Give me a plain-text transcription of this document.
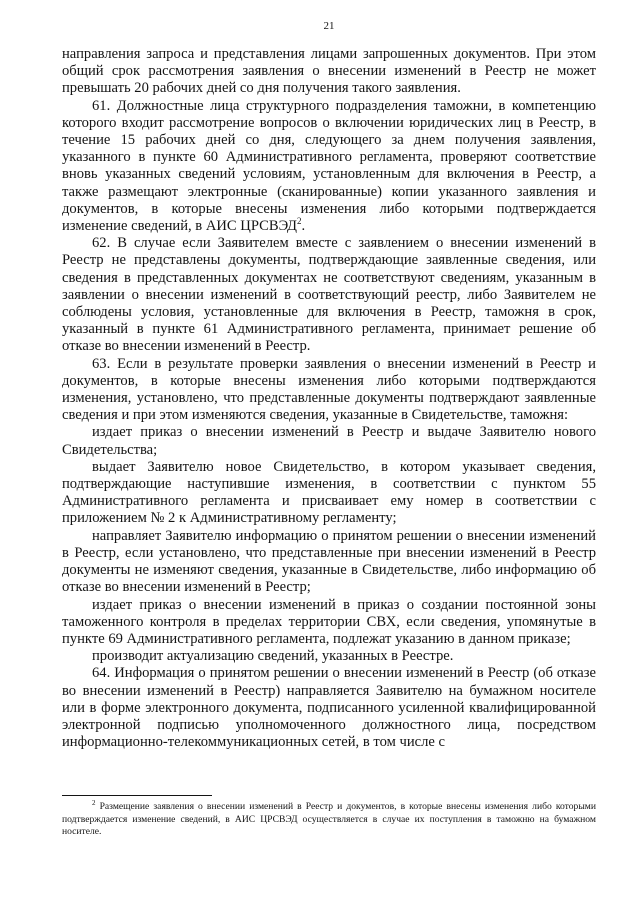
21

направления запроса и представления лицами запрошенных документов. При этом общий срок рассмотрения заявления о внесении изменений в Реестр не может превышать 20 рабочих дней со дня получения такого заявления.

61. Должностные лица структурного подразделения таможни, в компетенцию которого входит рассмотрение вопросов о включении юридических лиц в Реестр, в течение 15 рабочих дней со дня, следующего за днем получения заявления, указанного в пункте 60 Административного регламента, проверяют соответствие вновь указанных сведений условиям, установленным для включения в Реестр, а также размещают электронные (сканированные) копии указанного заявления и документов, в которые внесены изменения либо которыми подтверждается изменение сведений, в АИС ЦРСВЭД$^2$.

62. В случае если Заявителем вместе с заявлением о внесении изменений в Реестр не представлены документы, подтверждающие заявленные сведения, или сведения в представленных документах не соответствуют сведениям, указанным в заявлении о внесении изменений в соответствующий реестр, либо Заявителем не соблюдены условия, установленные для включения в Реестр, таможня в срок, указанный в пункте 61 Административного регламента, принимает решение об отказе во внесении изменений в Реестр.

63. Если в результате проверки заявления о внесении изменений в Реестр и документов, в которые внесены изменения либо которыми подтверждаются изменения, установлено, что представленные документы подтверждают заявленные сведения и при этом изменяются сведения, указанные в Свидетельстве, таможня:

издает приказ о внесении изменений в Реестр и выдаче Заявителю нового Свидетельства;

выдает Заявителю новое Свидетельство, в котором указывает сведения, подтверждающие наступившие изменения, в соответствии с пунктом 55 Административного регламента и присваивает ему номер в соответствии с приложением № 2 к Административному регламенту;

направляет Заявителю информацию о принятом решении о внесении изменений в Реестр, если установлено, что представленные при внесении изменений в Реестр документы не изменяют сведения, указанные в Свидетельстве, либо информацию об отказе во внесении изменений в Реестр;

издает приказ о внесении изменений в приказ о создании постоянной зоны таможенного контроля в пределах территории СВХ, если сведения, упомянутые в пункте 69 Административного регламента, подлежат указанию в данном приказе;

производит актуализацию сведений, указанных в Реестре.

64. Информация о принятом решении о внесении изменений в Реестр (об отказе во внесении изменений в Реестр) направляется Заявителю на бумажном носителе или в форме электронного документа, подписанного усиленной квалифицированной электронной подписью уполномоченного должностного лица, посредством информационно-телекоммуникационных сетей, в том числе с

$^2$ Размещение заявления о внесении изменений в Реестр и документов, в которые внесены изменения либо которыми подтверждается изменение сведений, в АИС ЦРСВЭД осуществляется в случае их поступления в таможню на бумажном носителе.
